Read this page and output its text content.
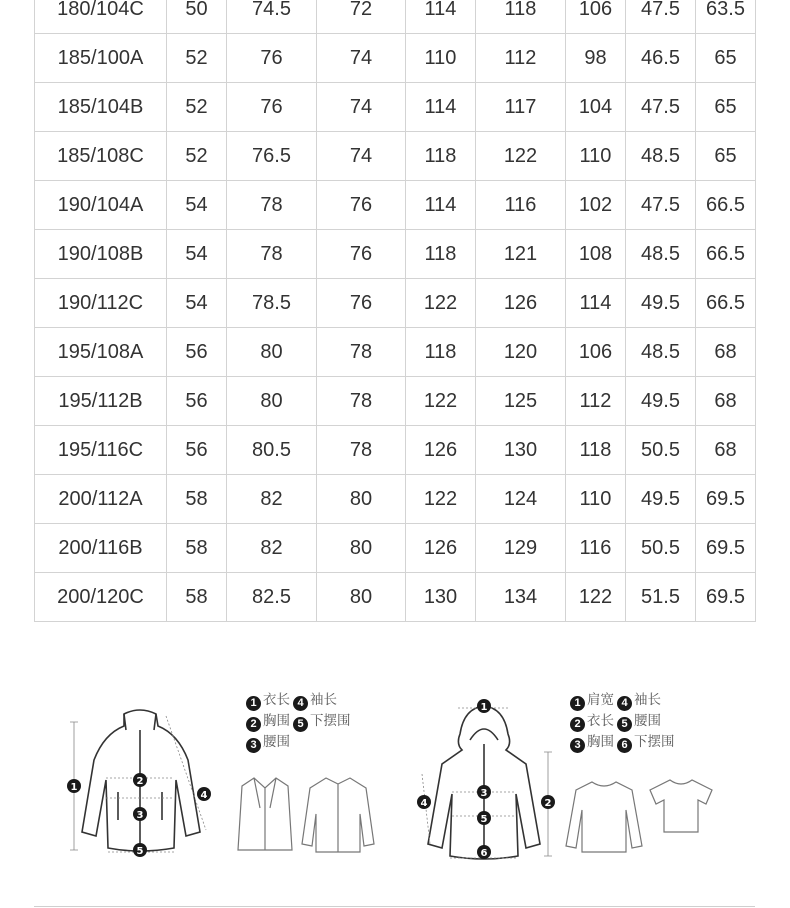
180/104C	50	74.5	72	114	118	106	47.5	63.5
185/100A	52	76	74	110	112	98	46.5	65
185/104B	52	76	74	114	117	104	47.5	65
185/108C	52	76.5	74	118	122	110	48.5	65
190/104A	54	78	76	114	116	102	47.5	66.5
190/108B	54	78	76	118	121	108	48.5	66.5
190/112C	54	78.5	76	122	126	114	49.5	66.5
195/108A	56	80	78	118	120	106	48.5	68
195/112B	56	80	78	122	125	112	49.5	68
195/116C	56	80.5	78	126	130	118	50.5	68
200/112A	58	82	80	122	124	110	49.5	69.5
200/116B	58	82	80	126	129	116	50.5	69.5
200/120C	58	82.5	80	130	134	122	51.5	69.5
1
2
3
4
5
1 衣长 4 袖长
2 胸围 5 下摆围
3 腰围
1
2
3
4
5
6
1 肩宽 4 袖长
2 衣长 5 腰围
3 胸围 6 下摆围
